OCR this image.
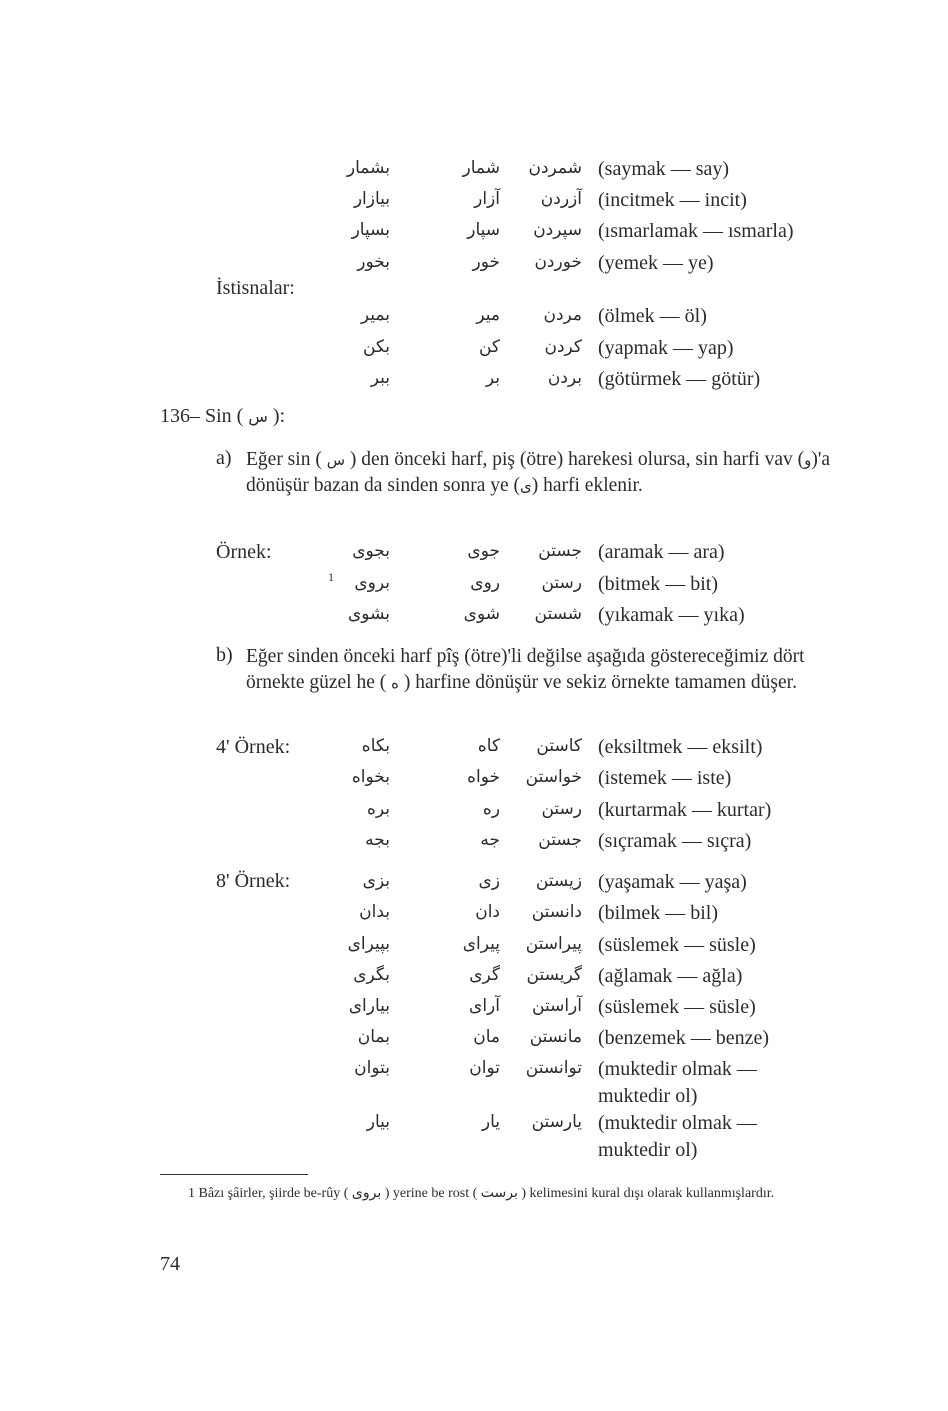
بشمار	شمار	شمردن (saymak — say)
بیازار	آزار	آزردن (incitmek — incit)
بسپار	سپار	سپردن (ısmarlamak — ısmarla)
بخور	خور	خوردن (yemek — ye)
İstisnalar:
بمیر	میر	مردن (ölmek — öl)
بکن	کن	کردن (yapmak — yap)
ببر	بر	بردن (götürmek — götür)
136– Sin ( س ):
a) Eğer sin ( س ) den önceki harf, piş (ötre) harekesi olursa, sin harfi vav (و)'a dönüşür bazan da sinden sonra ye (ی) harfi eklenir.
Örnek:	بجوی	جوی	جستن (aramak — ara)
1	بروی	روی	رستن (bitmek — bit)
بشوی	شوی	شستن (yıkamak — yıka)
b) Eğer sinden önceki harf pîş (ötre)'li değilse aşağıda göstereceğimiz dört örnekte güzel he ( ه ) harfine dönüşür ve sekiz örnekte tamamen düşer.
4' Örnek:	بکاه	کاه	کاستن (eksiltmek — eksilt)
بخواه	خواه	خواستن (istemek — iste)
بره	ره	رستن (kurtarmak — kurtar)
بجه	جه	جستن (sıçramak — sıçra)
8' Örnek:	بزی	زی	زیستن (yaşamak — yaşa)
بدان	دان	دانستن (bilmek — bil)
بپیرای	پیرای	پیراستن (süslemek — süsle)
بگری	گری	گریستن (ağlamak — ağla)
بیارای	آرای	آراستن (süslemek — süsle)
بمان	مان	مانستن (benzemek — benze)
بتوان	توان	توانستن (muktedir olmak —
muktedir ol)
بیار	یار	یارستن (muktedir olmak —
muktedir ol)
1 Bâzı şâirler, şiirde be-rûy ( بروی ) yerine be rost ( برست ) kelimesini kural dışı olarak kullanmışlardır.
74
